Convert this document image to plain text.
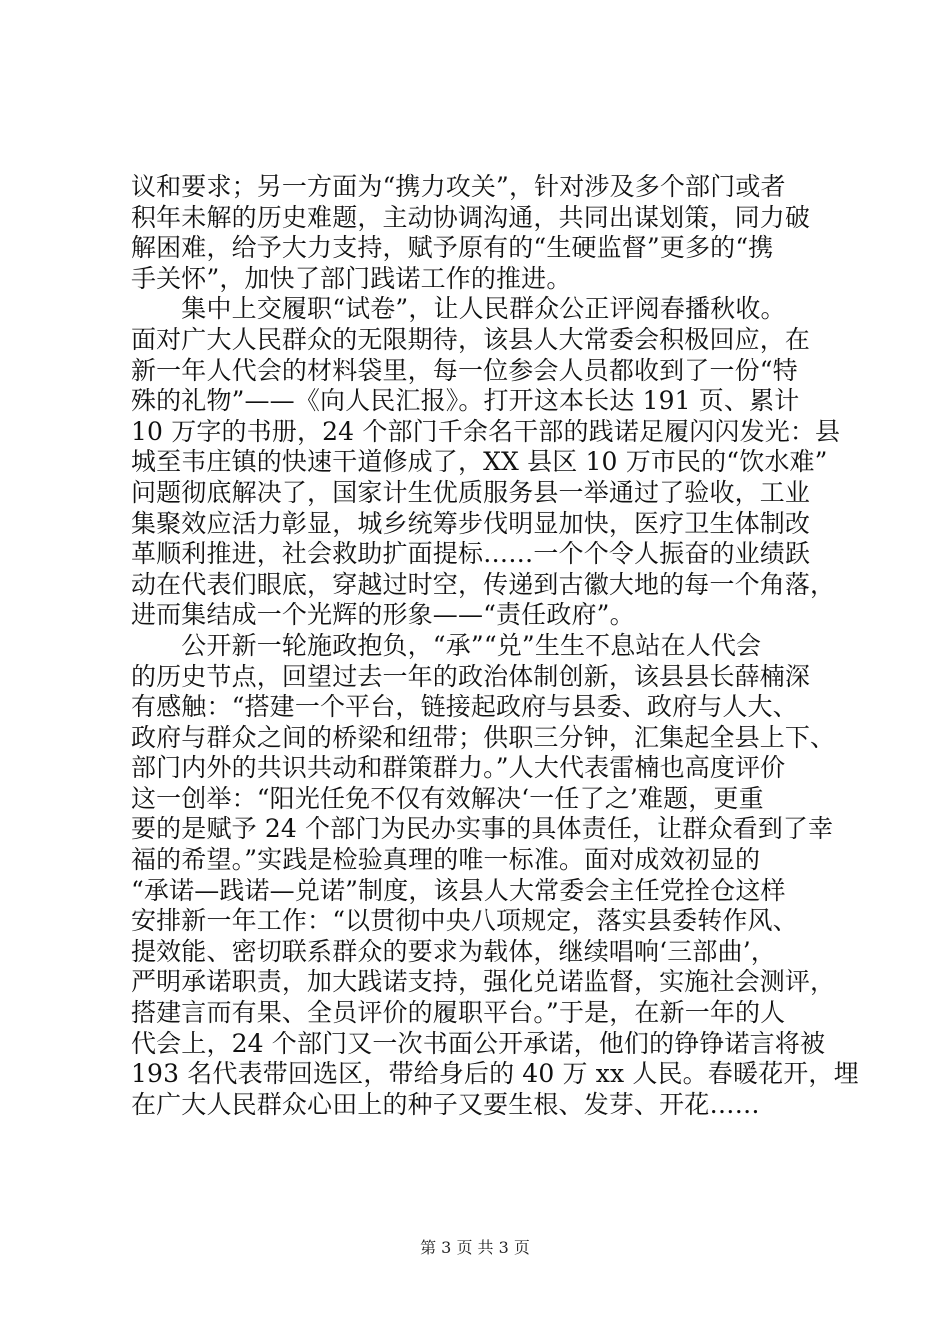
议和要求；另一方面为“携力攻关”，针对涉及多个部门或者
积年未解的历史难题，主动协调沟通，共同出谋划策，同力破
解困难，给予大力支持，赋予原有的“生硬监督”更多的“携
手关怀”，加快了部门践诺工作的推进。
　　集中上交履职“试卷”，让人民群众公正评阅春播秋收。
面对广大人民群众的无限期待，该县人大常委会积极回应，在
新一年人代会的材料袋里，每一位参会人员都收到了一份“特
殊的礼物”——《向人民汇报》。打开这本长达 191 页、累计
10 万字的书册，24 个部门千余名干部的践诺足履闪闪发光：县
城至韦庄镇的快速干道修成了，XX 县区 10 万市民的“饮水难”
问题彻底解决了，国家计生优质服务县一举通过了验收，工业
集聚效应活力彰显，城乡统筹步伐明显加快，医疗卫生体制改
革顺利推进，社会救助扩面提标……一个个令人振奋的业绩跃
动在代表们眼底，穿越过时空，传递到古徽大地的每一个角落，
进而集结成一个光辉的形象——“责任政府”。
　　公开新一轮施政抱负，“承”“兑”生生不息站在人代会
的历史节点，回望过去一年的政治体制创新，该县县长薛楠深
有感触：“搭建一个平台，链接起政府与县委、政府与人大、
政府与群众之间的桥梁和纽带；供职三分钟，汇集起全县上下、
部门内外的共识共动和群策群力。”人大代表雷楠也高度评价
这一创举：“阳光任免不仅有效解决‘一任了之’难题，更重
要的是赋予 24 个部门为民办实事的具体责任，让群众看到了幸
福的希望。”实践是检验真理的唯一标准。面对成效初显的
“承诺—践诺—兑诺”制度，该县人大常委会主任党拴仓这样
安排新一年工作：“以贯彻中央八项规定，落实县委转作风、
提效能、密切联系群众的要求为载体，继续唱响‘三部曲’，
严明承诺职责，加大践诺支持，强化兑诺监督，实施社会测评，
搭建言而有果、全员评价的履职平台。”于是，在新一年的人
代会上，24 个部门又一次书面公开承诺，他们的铮铮诺言将被
193 名代表带回选区，带给身后的 40 万 xx 人民。春暖花开，埋
在广大人民群众心田上的种子又要生根、发芽、开花……
第 3 页 共 3 页
